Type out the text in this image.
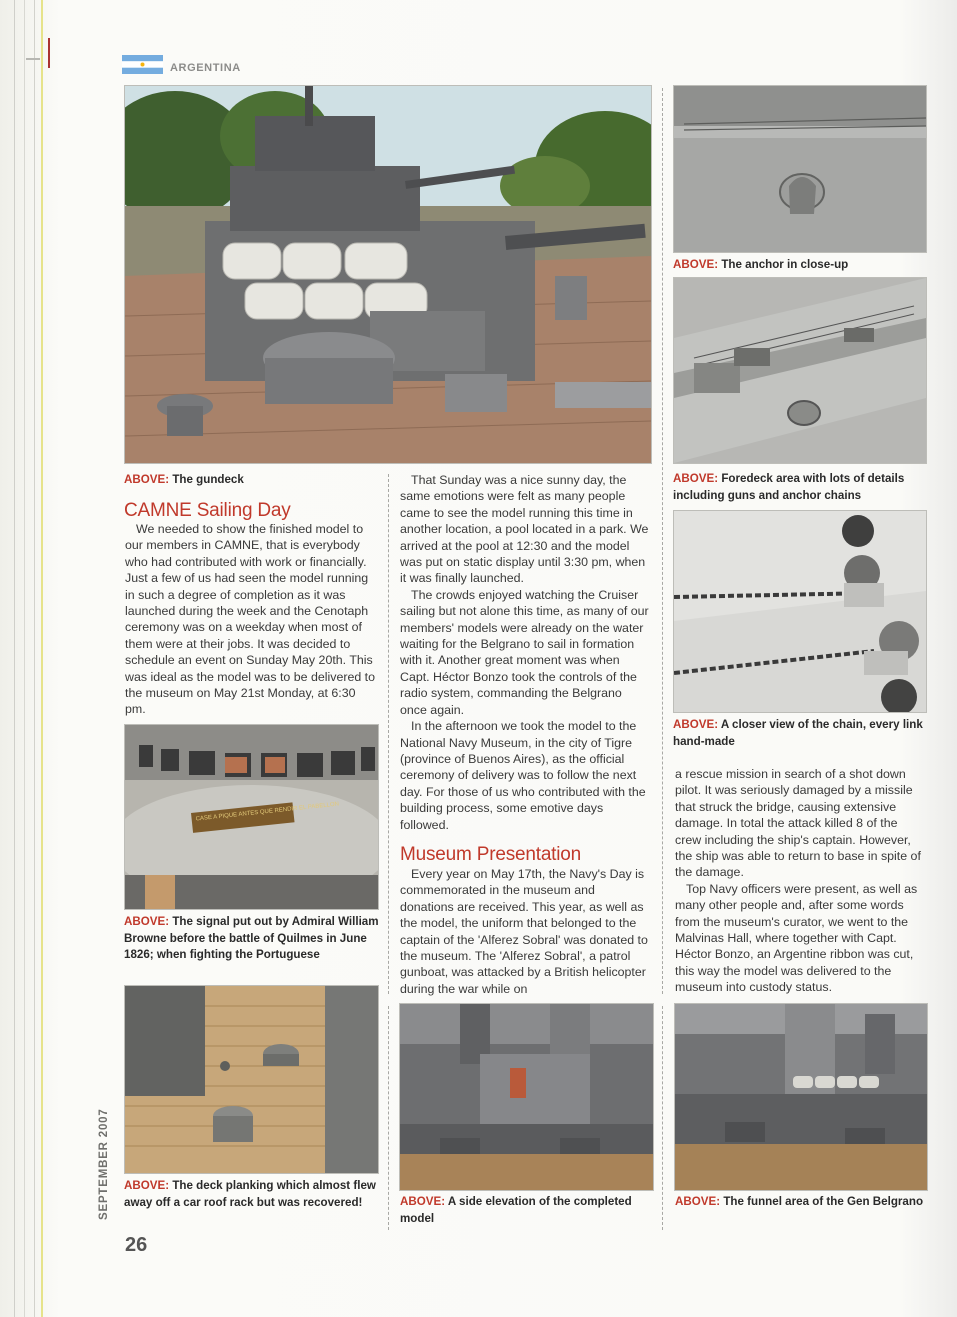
ARGENTINA
ABOVE: The gundeck
CAMNE Sailing Day

We needed to show the finished model to our members in CAMNE, that is everybody who had contributed with work or financially. Just a few of us had seen the model running in such a degree of completion as it was launched during the week and the Cenotaph ceremony was on a weekday when most of them were at their jobs. It was decided to schedule an event on Sunday May 20th. This was ideal as the model was to be delivered to the museum on May 21st Monday, at 6:30 pm.

CASE A PIQUE ANTES QUE RENDIR EL PABELLON
ABOVE: The signal put out by Admiral William Browne before the battle of Quilmes in June 1826; when fighting the Portuguese
ABOVE: The deck planking which almost flew away off a car roof rack but was recovered!

That Sunday was a nice sunny day, the same emotions were felt as many people came to see the model running this time in another location, a pool located in a park. We arrived at the pool at 12:30 and the model was put on static display until 3:30 pm, when it was finally launched.

The crowds enjoyed watching the Cruiser sailing but not alone this time, as many of our members' models were already on the water waiting for the Belgrano to sail in formation with it. Another great moment was when Capt. Héctor Bonzo took the controls of the radio system, commanding the Belgrano once again.

In the afternoon we took the model to the National Navy Museum, in the city of Tigre (province of Buenos Aires), as the official ceremony of delivery was to follow the next day. For those of us who contributed with the building process, some emotive days followed.

Museum Presentation

Every year on May 17th, the Navy's Day is commemorated in the museum and donations are received. This year, as well as the model, the uniform that belonged to the captain of the 'Alferez Sobral' was donated to the museum. The 'Alferez Sobral', a patrol gunboat, was attacked by a British helicopter during the war while on

ABOVE: A side elevation of the completed model
ABOVE: The anchor in close-up
ABOVE: Foredeck area with lots of details including guns and anchor chains
ABOVE: A closer view of the chain, every link hand-made

a rescue mission in search of a shot down pilot. It was seriously damaged by a missile that struck the bridge, causing extensive damage. In total the attack killed 8 of the crew including the ship's captain. However, the ship was able to return to base in spite of the damage.

Top Navy officers were present, as well as many other people and, after some words from the museum's curator, we went to the Malvinas Hall, where together with Capt. Héctor Bonzo, an Argentine ribbon was cut, this way the model was delivered to the museum into custody status.

ABOVE: The funnel area of the Gen Belgrano
SEPTEMBER 2007
26
